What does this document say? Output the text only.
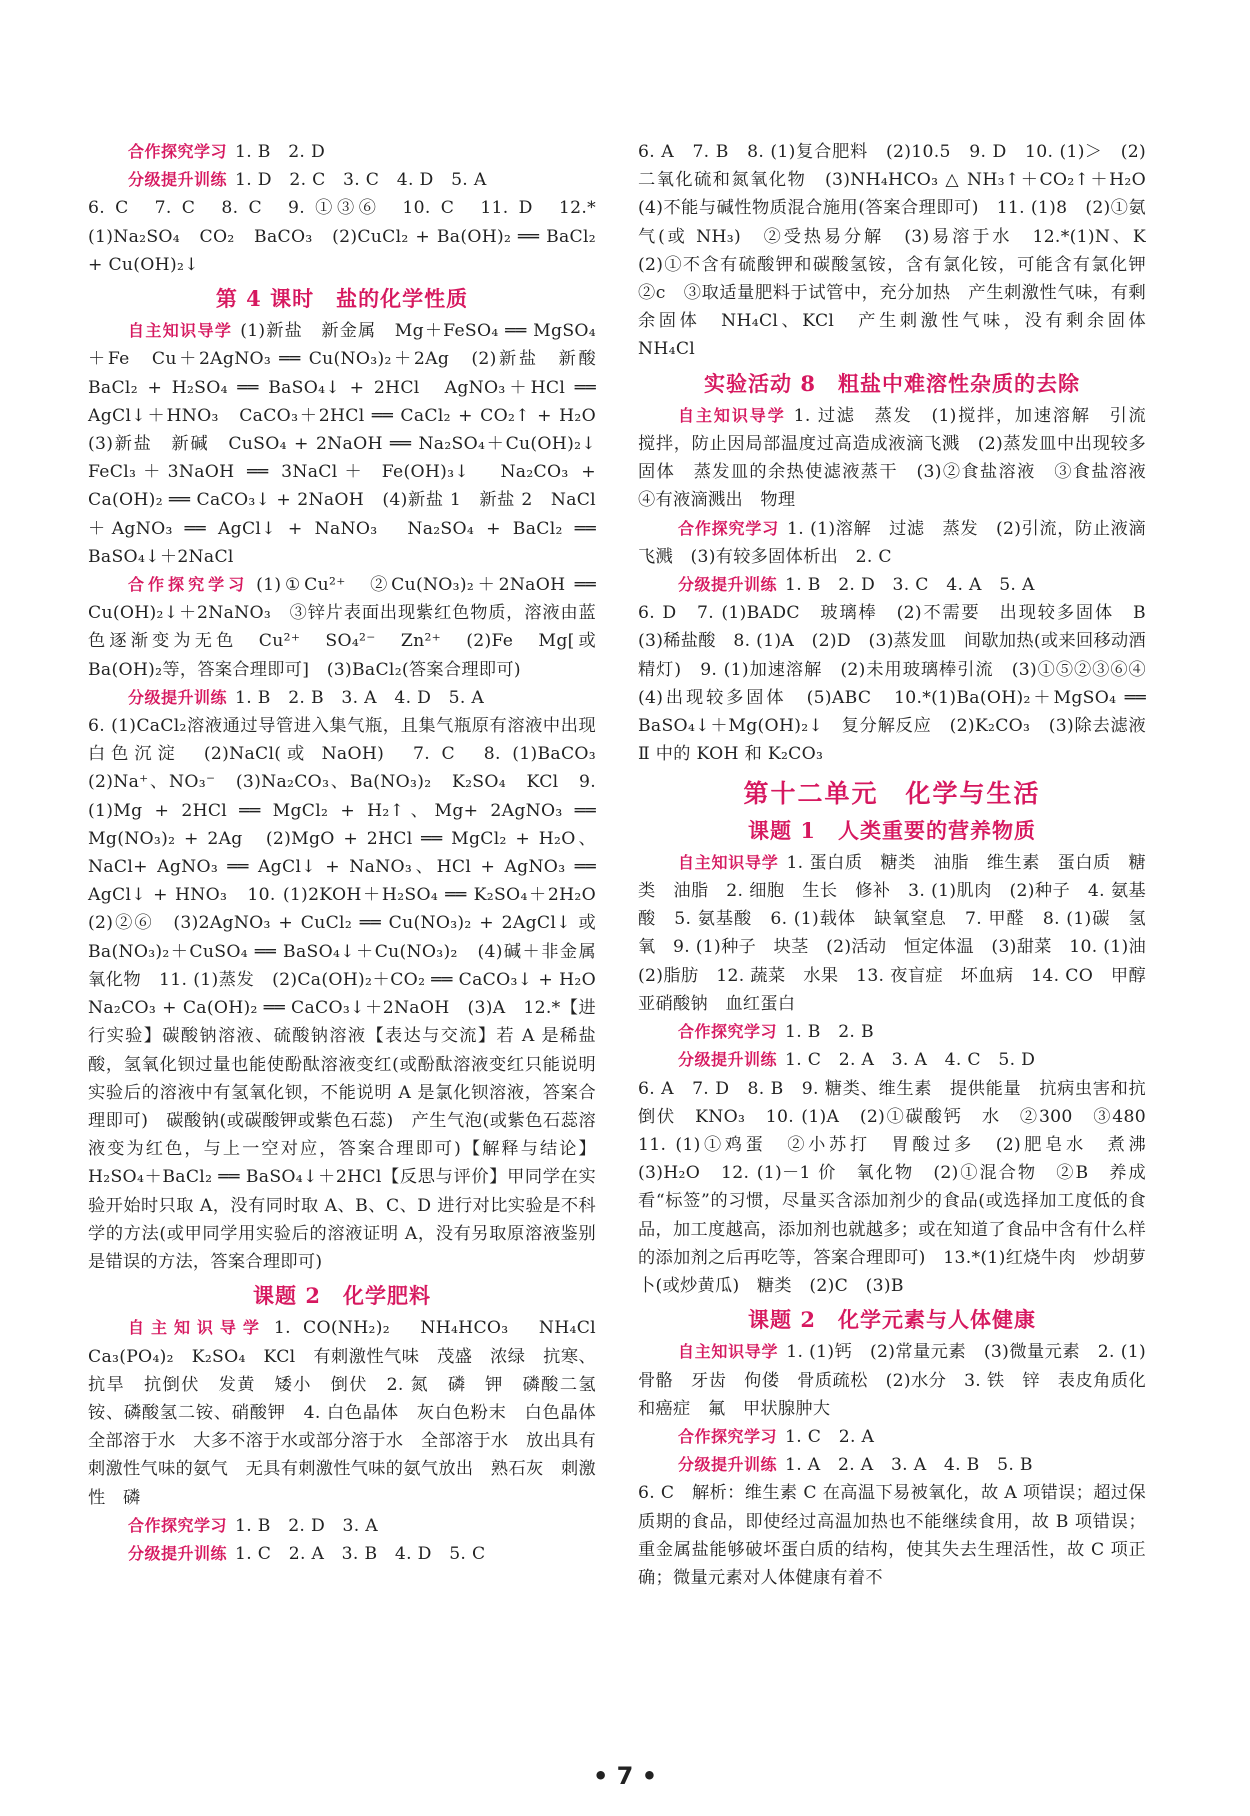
合作探究学习 1. B　2. D

分级提升训练 1. D　2. C　3. C　4. D　5. A

6. C　7. C　8. C　9. ①③⑥　10. C　11. D　12.*(1)Na₂SO₄　CO₂　BaCO₃　(2)CuCl₂ + Ba(OH)₂ ══ BaCl₂ + Cu(OH)₂↓

第 4 课时　盐的化学性质

自主知识导学 (1)新盐　新金属　Mg＋FeSO₄ ══ MgSO₄＋Fe　Cu＋2AgNO₃ ══ Cu(NO₃)₂＋2Ag　(2)新盐　新酸　BaCl₂ + H₂SO₄ ══ BaSO₄↓ + 2HCl　AgNO₃＋HCl ══ AgCl↓＋HNO₃　CaCO₃＋2HCl ══ CaCl₂ + CO₂↑ + H₂O　(3)新盐　新碱　CuSO₄ + 2NaOH ══ Na₂SO₄＋Cu(OH)₂↓　FeCl₃＋3NaOH ══ 3NaCl＋ Fe(OH)₃↓　Na₂CO₃ + Ca(OH)₂ ══ CaCO₃↓ + 2NaOH　(4)新盐 1　新盐 2　NaCl＋AgNO₃ ══ AgCl↓ + NaNO₃　Na₂SO₄ + BaCl₂ ══ BaSO₄↓＋2NaCl

合作探究学习 (1)①Cu²⁺　②Cu(NO₃)₂＋2NaOH ══ Cu(OH)₂↓＋2NaNO₃　③锌片表面出现紫红色物质，溶液由蓝色逐渐变为无色　Cu²⁺　SO₄²⁻　Zn²⁺　(2)Fe　Mg[或Ba(OH)₂等，答案合理即可]　(3)BaCl₂(答案合理即可)

分级提升训练 1. B　2. B　3. A　4. D　5. A

6. (1)CaCl₂溶液通过导管进入集气瓶，且集气瓶原有溶液中出现白色沉淀　(2)NaCl(或 NaOH)　7. C　8. (1)BaCO₃　(2)Na⁺、NO₃⁻　(3)Na₂CO₃、Ba(NO₃)₂　K₂SO₄　KCl　9. (1)Mg + 2HCl ══ MgCl₂ + H₂↑、Mg+ 2AgNO₃ ══ Mg(NO₃)₂ + 2Ag　(2)MgO + 2HCl ══ MgCl₂ + H₂O、NaCl+ AgNO₃ ══ AgCl↓ + NaNO₃、HCl + AgNO₃ ══ AgCl↓ + HNO₃　10. (1)2KOH＋H₂SO₄ ══ K₂SO₄＋2H₂O　(2)②⑥　(3)2AgNO₃ + CuCl₂ ══ Cu(NO₃)₂ + 2AgCl↓ 或 Ba(NO₃)₂＋CuSO₄ ══ BaSO₄↓＋Cu(NO₃)₂　(4)碱＋非金属氧化物　11. (1)蒸发　(2)Ca(OH)₂＋CO₂ ══ CaCO₃↓ + H₂O　Na₂CO₃ + Ca(OH)₂ ══ CaCO₃↓＋2NaOH　(3)A　12.*【进行实验】碳酸钠溶液、硫酸钠溶液【表达与交流】若 A 是稀盐酸，氢氧化钡过量也能使酚酞溶液变红(或酚酞溶液变红只能说明实验后的溶液中有氢氧化钡，不能说明 A 是氯化钡溶液，答案合理即可)　碳酸钠(或碳酸钾或紫色石蕊)　产生气泡(或紫色石蕊溶液变为红色，与上一空对应，答案合理即可)【解释与结论】H₂SO₄＋BaCl₂ ══ BaSO₄↓＋2HCl【反思与评价】甲同学在实验开始时只取 A，没有同时取 A、B、C、D 进行对比实验是不科学的方法(或甲同学用实验后的溶液证明 A，没有另取原溶液鉴别是错误的方法，答案合理即可)

课题 2　化学肥料

自主知识导学 1. CO(NH₂)₂　NH₄HCO₃　NH₄Cl　Ca₃(PO₄)₂　K₂SO₄　KCl　有刺激性气味　茂盛　浓绿　抗寒、抗旱　抗倒伏　发黄　矮小　倒伏　2. 氮　磷　钾　磷酸二氢铵、磷酸氢二铵、硝酸钾　4. 白色晶体　灰白色粉末　白色晶体　全部溶于水　大多不溶于水或部分溶于水　全部溶于水　放出具有刺激性气味的氨气　无具有刺激性气味的氨气放出　熟石灰　刺激性　磷

合作探究学习 1. B　2. D　3. A

分级提升训练 1. C　2. A　3. B　4. D　5. C

6. A　7. B　8. (1)复合肥料　(2)10.5　9. D　10. (1)＞　(2)二氧化硫和氮氧化物　(3)NH₄HCO₃ △ NH₃↑＋CO₂↑＋H₂O　(4)不能与碱性物质混合施用(答案合理即可)　11. (1)8　(2)①氨气(或 NH₃)　②受热易分解　(3)易溶于水　12.*(1)N、K　(2)①不含有硫酸钾和碳酸氢铵，含有氯化铵，可能含有氯化钾　②c　③取适量肥料于试管中，充分加热　产生刺激性气味，有剩余固体　NH₄Cl、KCl　产生刺激性气味，没有剩余固体　NH₄Cl

实验活动 8　粗盐中难溶性杂质的去除

自主知识导学 1. 过滤　蒸发　(1)搅拌，加速溶解　引流　搅拌，防止因局部温度过高造成液滴飞溅　(2)蒸发皿中出现较多固体　蒸发皿的余热使滤液蒸干　(3)②食盐溶液　③食盐溶液　④有液滴溅出　物理

合作探究学习 1. (1)溶解　过滤　蒸发　(2)引流，防止液滴飞溅　(3)有较多固体析出　2. C

分级提升训练 1. B　2. D　3. C　4. A　5. A

6. D　7. (1)BADC　玻璃棒　(2)不需要　出现较多固体　B　(3)稀盐酸　8. (1)A　(2)D　(3)蒸发皿　间歇加热(或来回移动酒精灯)　9. (1)加速溶解　(2)未用玻璃棒引流　(3)①⑤②③⑥④　(4)出现较多固体　(5)ABC　10.*(1)Ba(OH)₂＋MgSO₄ ══ BaSO₄↓＋Mg(OH)₂↓　复分解反应　(2)K₂CO₃　(3)除去滤液 Ⅱ 中的 KOH 和 K₂CO₃

第十二单元　化学与生活
课题 1　人类重要的营养物质

自主知识导学 1. 蛋白质　糖类　油脂　维生素　蛋白质　糖类　油脂　2. 细胞　生长　修补　3. (1)肌肉　(2)种子　4. 氨基酸　5. 氨基酸　6. (1)载体　缺氧窒息　7. 甲醛　8. (1)碳　氢　氧　9. (1)种子　块茎　(2)活动　恒定体温　(3)甜菜　10. (1)油　(2)脂肪　12. 蔬菜　水果　13. 夜盲症　坏血病　14. CO　甲醇　亚硝酸钠　血红蛋白

合作探究学习 1. B　2. B

分级提升训练 1. C　2. A　3. A　4. C　5. D

6. A　7. D　8. B　9. 糖类、维生素　提供能量　抗病虫害和抗倒伏　KNO₃　10. (1)A　(2)①碳酸钙　水　②300　③480　11. (1)①鸡蛋　②小苏打　胃酸过多　(2)肥皂水　煮沸　(3)H₂O　12. (1)－1 价　氧化物　(2)①混合物　②B　养成看“标签”的习惯，尽量买含添加剂少的食品(或选择加工度低的食品，加工度越高，添加剂也就越多；或在知道了食品中含有什么样的添加剂之后再吃等，答案合理即可)　13.*(1)红烧牛肉　炒胡萝卜(或炒黄瓜)　糖类　(2)C　(3)B

课题 2　化学元素与人体健康

自主知识导学 1. (1)钙　(2)常量元素　(3)微量元素　2. (1)骨骼　牙齿　佝偻　骨质疏松　(2)水分　3. 铁　锌　表皮角质化和癌症　氟　甲状腺肿大

合作探究学习 1. C　2. A

分级提升训练 1. A　2. A　3. A　4. B　5. B

6. C　解析：维生素 C 在高温下易被氧化，故 A 项错误；超过保质期的食品，即使经过高温加热也不能继续食用，故 B 项错误；重金属盐能够破坏蛋白质的结构，使其失去生理活性，故 C 项正确；微量元素对人体健康有着不

• 7 •
